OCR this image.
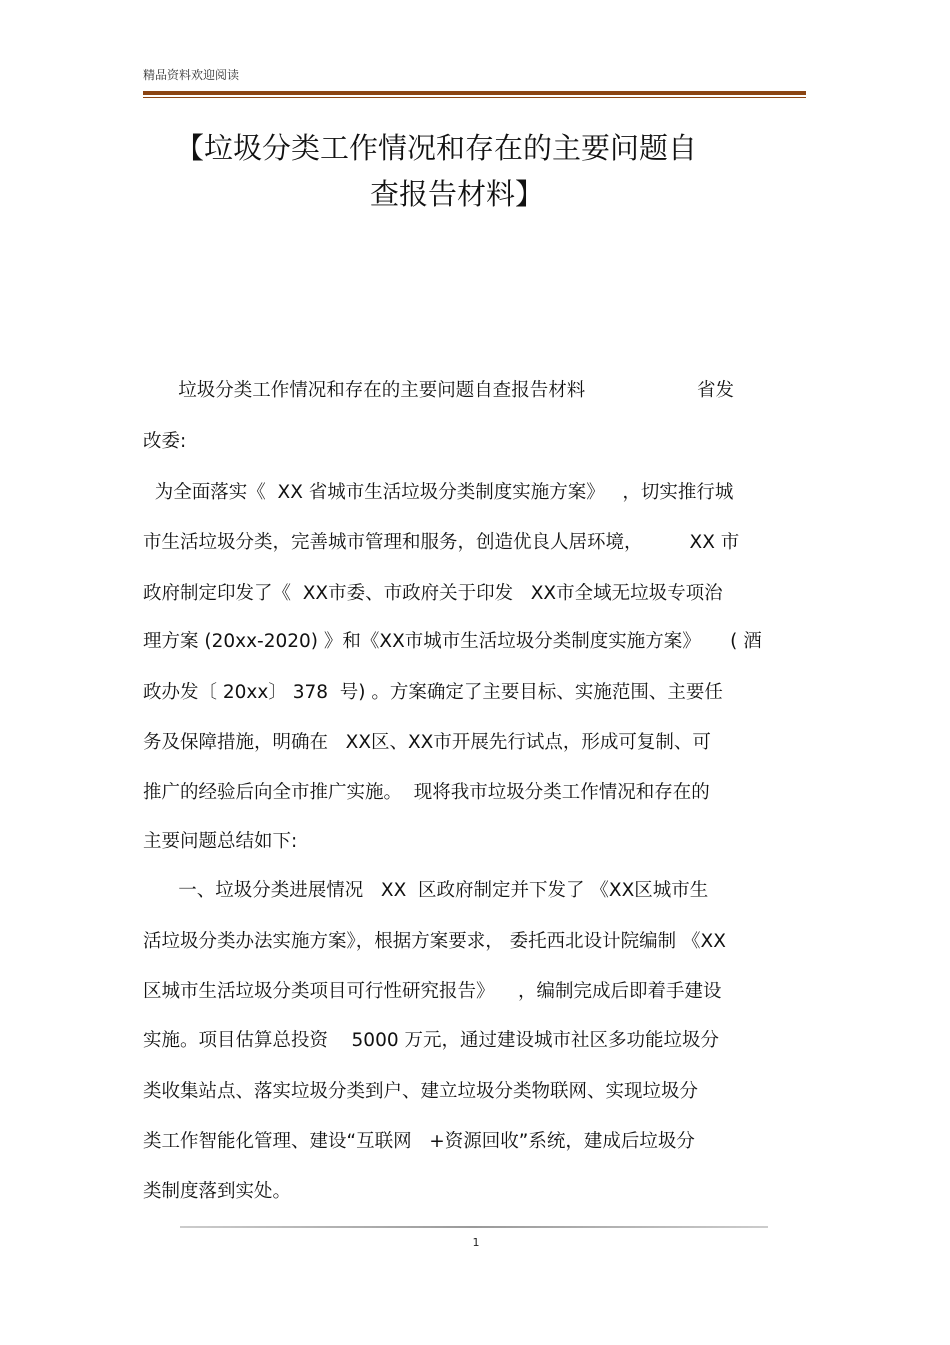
精品资料欢迎阅读
【垃圾分类工作情况和存在的主要问题自
查报告材料】
垃圾分类工作情况和存在的主要问题自查报告材料                   省发
改委:
为全面落实《  XX 省城市生活垃圾分类制度实施方案》   ，切实推行城
市生活垃圾分类，完善城市管理和服务，创造优良人居环境，        XX 市
政府制定印发了《  XX市委、市政府关于印发   XX市全域无垃圾专项治
理方案 (20xx-2020) 》和《XX市城市生活垃圾分类制度实施方案》     ( 酒
政办发〔 20xx〕 378  号) 。方案确定了主要目标、实施范围、主要任
务及保障措施，明确在   XX区、XX市开展先行试点，形成可复制、可
推广的经验后向全市推广实施。  现将我市垃圾分类工作情况和存在的
主要问题总结如下:
一、垃圾分类进展情况   XX  区政府制定并下发了 《XX区城市生
活垃圾分类办法实施方案》，根据方案要求， 委托西北设计院编制 《XX
区城市生活垃圾分类项目可行性研究报告》    ，编制完成后即着手建设
实施。项目估算总投资    5000 万元，通过建设城市社区多功能垃圾分
类收集站点、落实垃圾分类到户、建立垃圾分类物联网、实现垃圾分
类工作智能化管理、建设“互联网   +资源回收”系统，建成后垃圾分
类制度落到实处。
1
